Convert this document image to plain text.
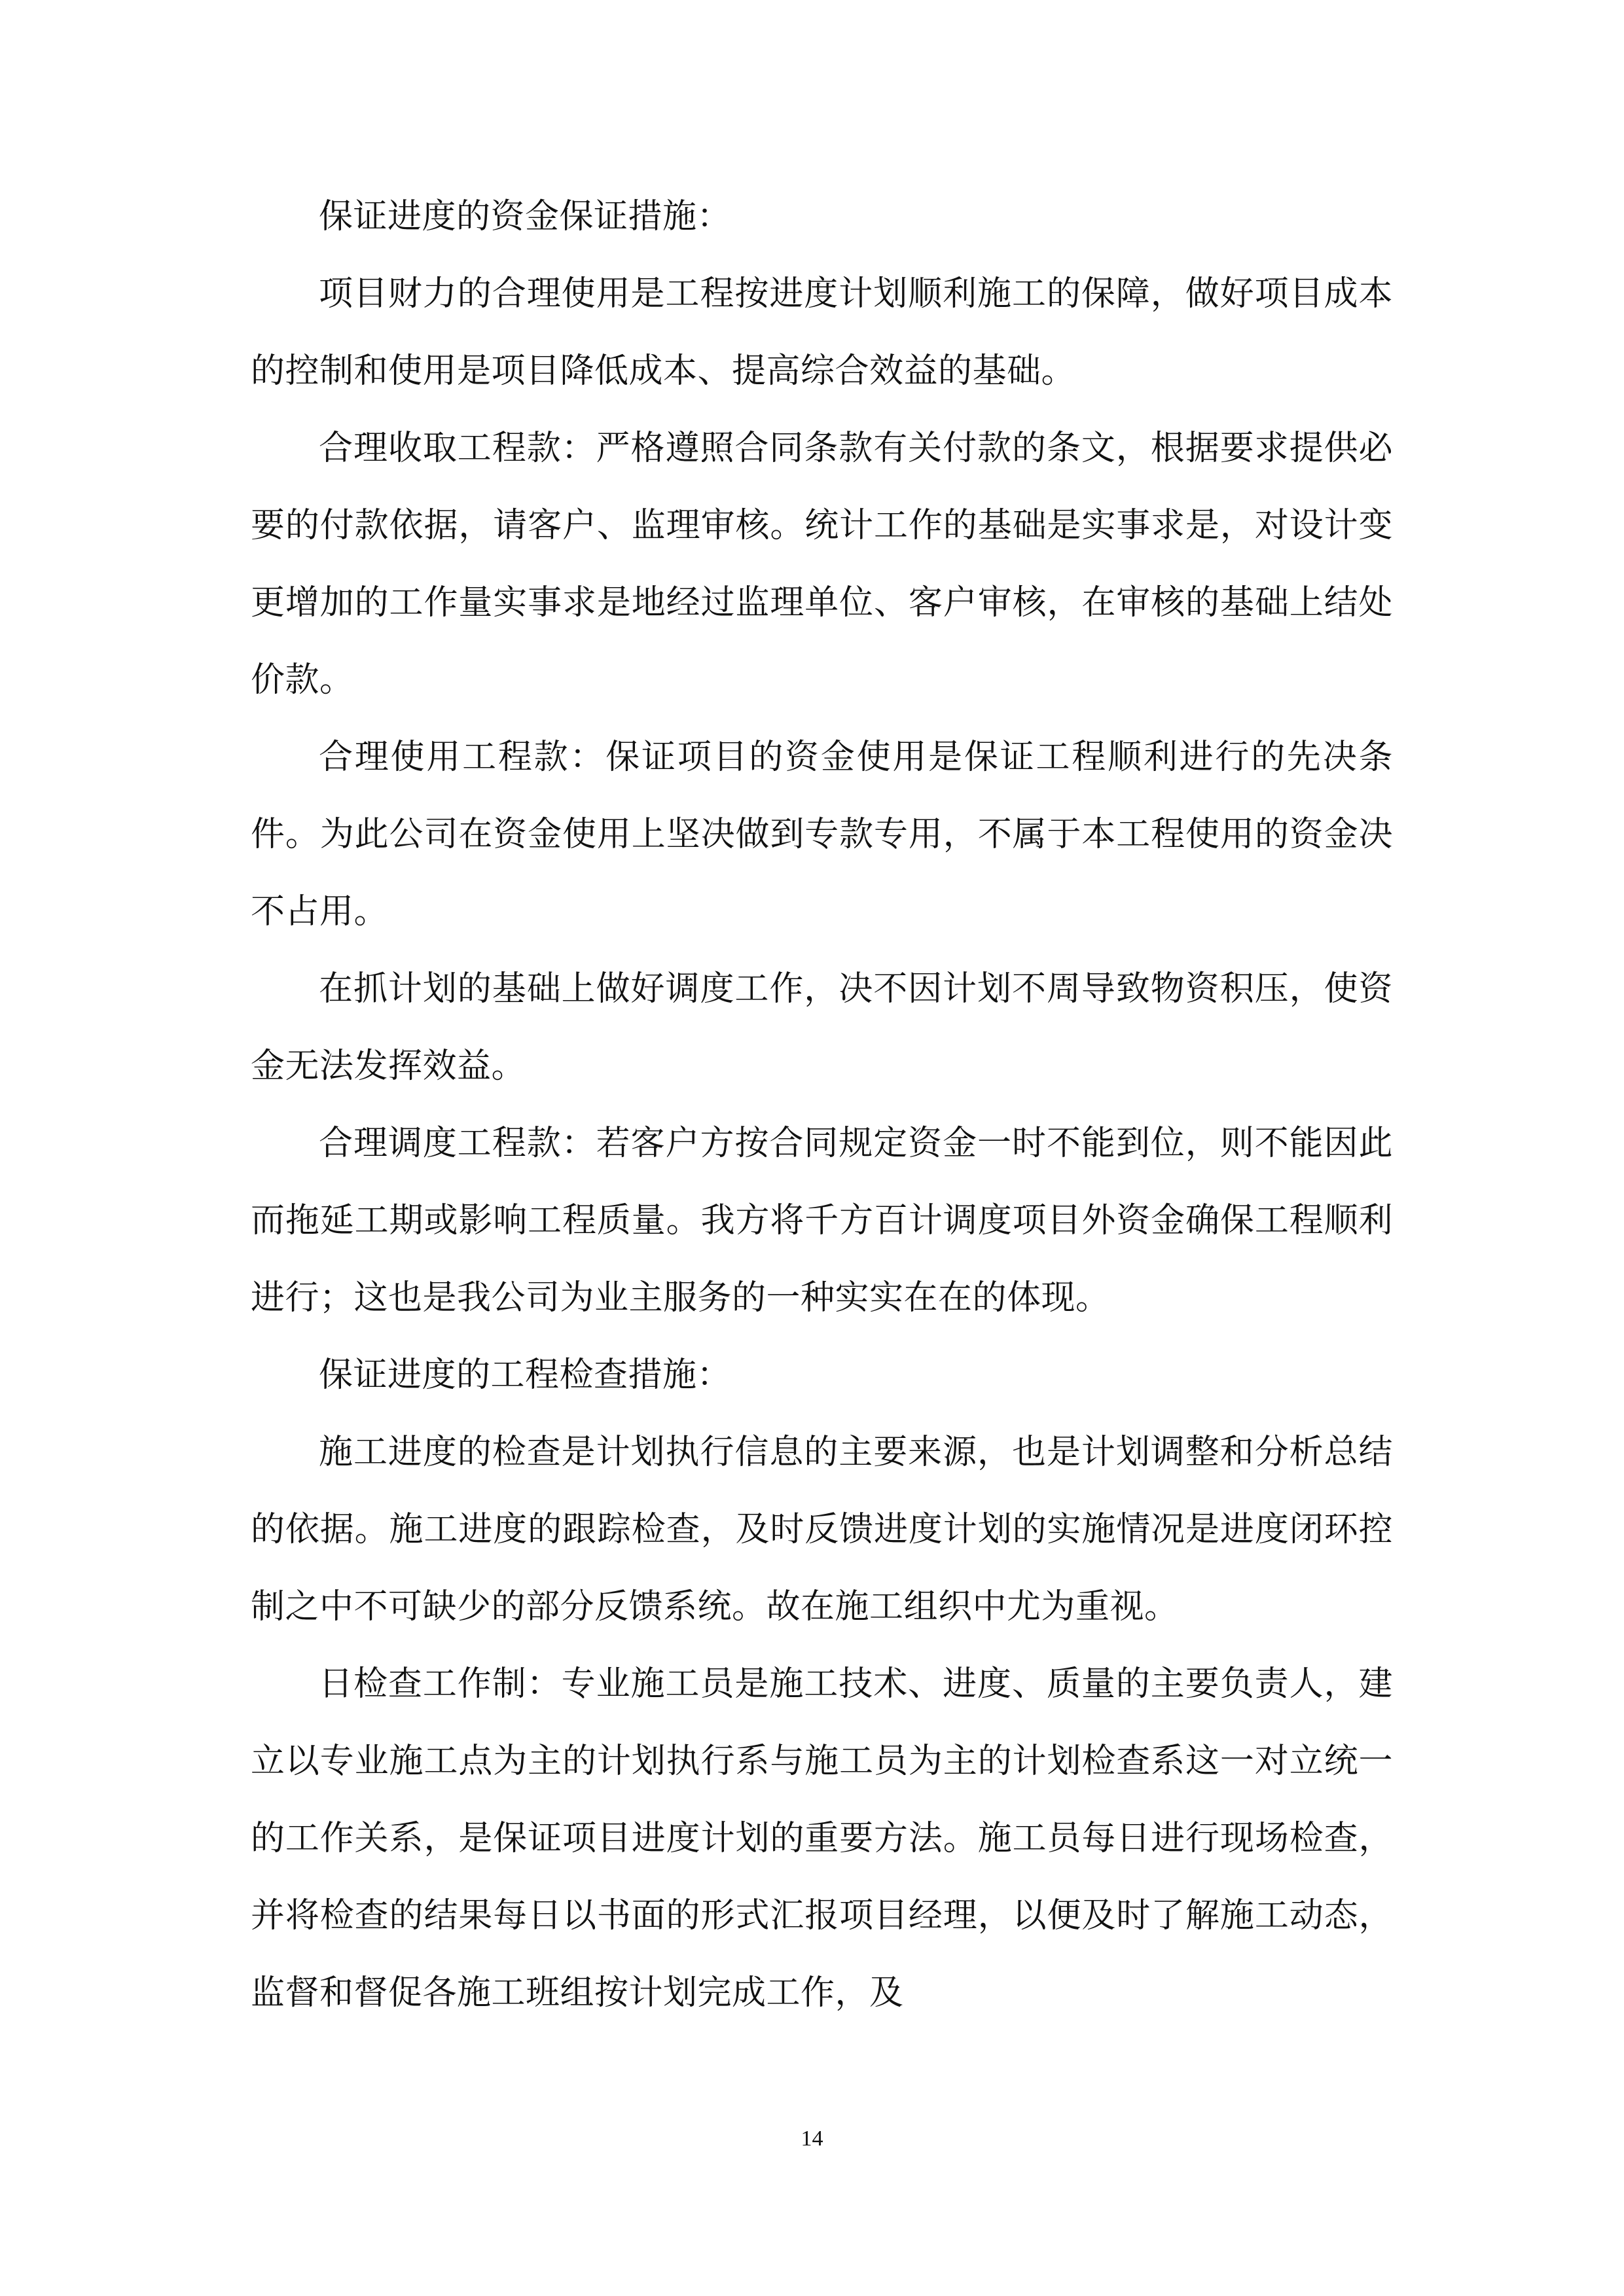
保证进度的资金保证措施：

项目财力的合理使用是工程按进度计划顺利施工的保障，做好项目成本的控制和使用是项目降低成本、提高综合效益的基础。

合理收取工程款：严格遵照合同条款有关付款的条文，根据要求提供必要的付款依据，请客户、监理审核。统计工作的基础是实事求是，对设计变更增加的工作量实事求是地经过监理单位、客户审核，在审核的基础上结处价款。

合理使用工程款：保证项目的资金使用是保证工程顺利进行的先决条件。为此公司在资金使用上坚决做到专款专用，不属于本工程使用的资金决不占用。

在抓计划的基础上做好调度工作，决不因计划不周导致物资积压，使资金无法发挥效益。

合理调度工程款：若客户方按合同规定资金一时不能到位，则不能因此而拖延工期或影响工程质量。我方将千方百计调度项目外资金确保工程顺利进行；这也是我公司为业主服务的一种实实在在的体现。

保证进度的工程检查措施：

施工进度的检查是计划执行信息的主要来源，也是计划调整和分析总结的依据。施工进度的跟踪检查，及时反馈进度计划的实施情况是进度闭环控制之中不可缺少的部分反馈系统。故在施工组织中尤为重视。

日检查工作制：专业施工员是施工技术、进度、质量的主要负责人，建立以专业施工点为主的计划执行系与施工员为主的计划检查系这一对立统一的工作关系，是保证项目进度计划的重要方法。施工员每日进行现场检查，并将检查的结果每日以书面的形式汇报项目经理，以便及时了解施工动态，监督和督促各施工班组按计划完成工作，及

14
